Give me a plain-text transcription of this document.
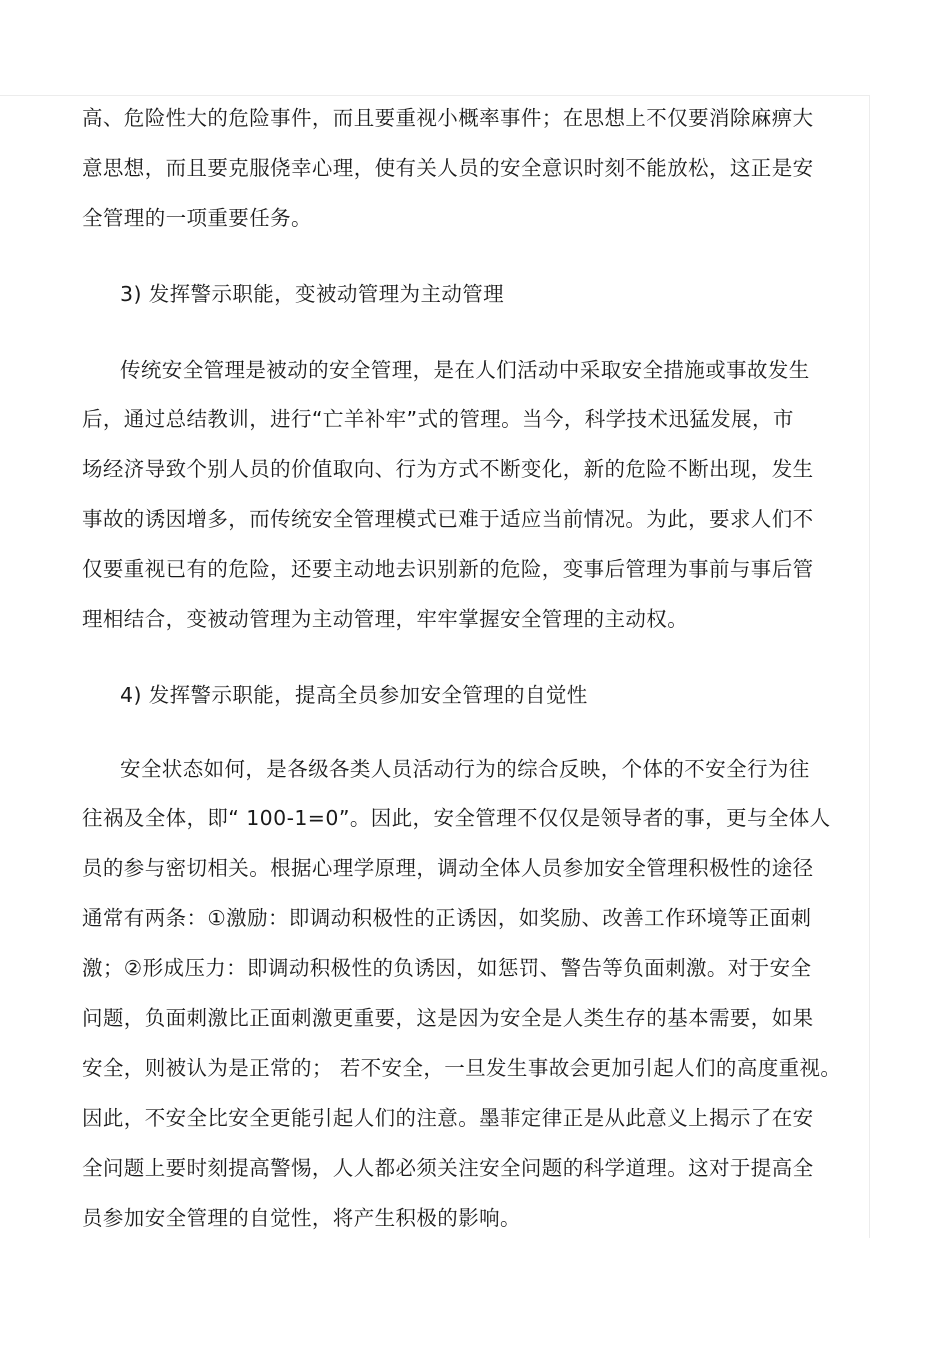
高、危险性大的危险事件，而且要重视小概率事件；在思想上不仅要消除麻痹大
意思想，而且要克服侥幸心理，使有关人员的安全意识时刻不能放松，这正是安
全管理的一项重要任务。
3) 发挥警示职能，变被动管理为主动管理
传统安全管理是被动的安全管理，是在人们活动中采取安全措施或事故发生
后，通过总结教训，进行“亡羊补牢”式的管理。当今，科学技术迅猛发展，市
场经济导致个别人员的价值取向、行为方式不断变化，新的危险不断出现，发生
事故的诱因增多，而传统安全管理模式已难于适应当前情况。为此，要求人们不
仅要重视已有的危险，还要主动地去识别新的危险，变事后管理为事前与事后管
理相结合，变被动管理为主动管理，牢牢掌握安全管理的主动权。
4) 发挥警示职能，提高全员参加安全管理的自觉性
安全状态如何，是各级各类人员活动行为的综合反映，个体的不安全行为往
往祸及全体，即“ 100-1=0”。因此，安全管理不仅仅是领导者的事，更与全体人
员的参与密切相关。根据心理学原理，调动全体人员参加安全管理积极性的途径
通常有两条：①激励：即调动积极性的正诱因，如奖励、改善工作环境等正面刺
激；②形成压力：即调动积极性的负诱因，如惩罚、警告等负面刺激。对于安全
问题，负面刺激比正面刺激更重要，这是因为安全是人类生存的基本需要，如果
安全，则被认为是正常的； 若不安全，一旦发生事故会更加引起人们的高度重视。
因此，不安全比安全更能引起人们的注意。墨菲定律正是从此意义上揭示了在安
全问题上要时刻提高警惕，人人都必须关注安全问题的科学道理。这对于提高全
员参加安全管理的自觉性，将产生积极的影响。
